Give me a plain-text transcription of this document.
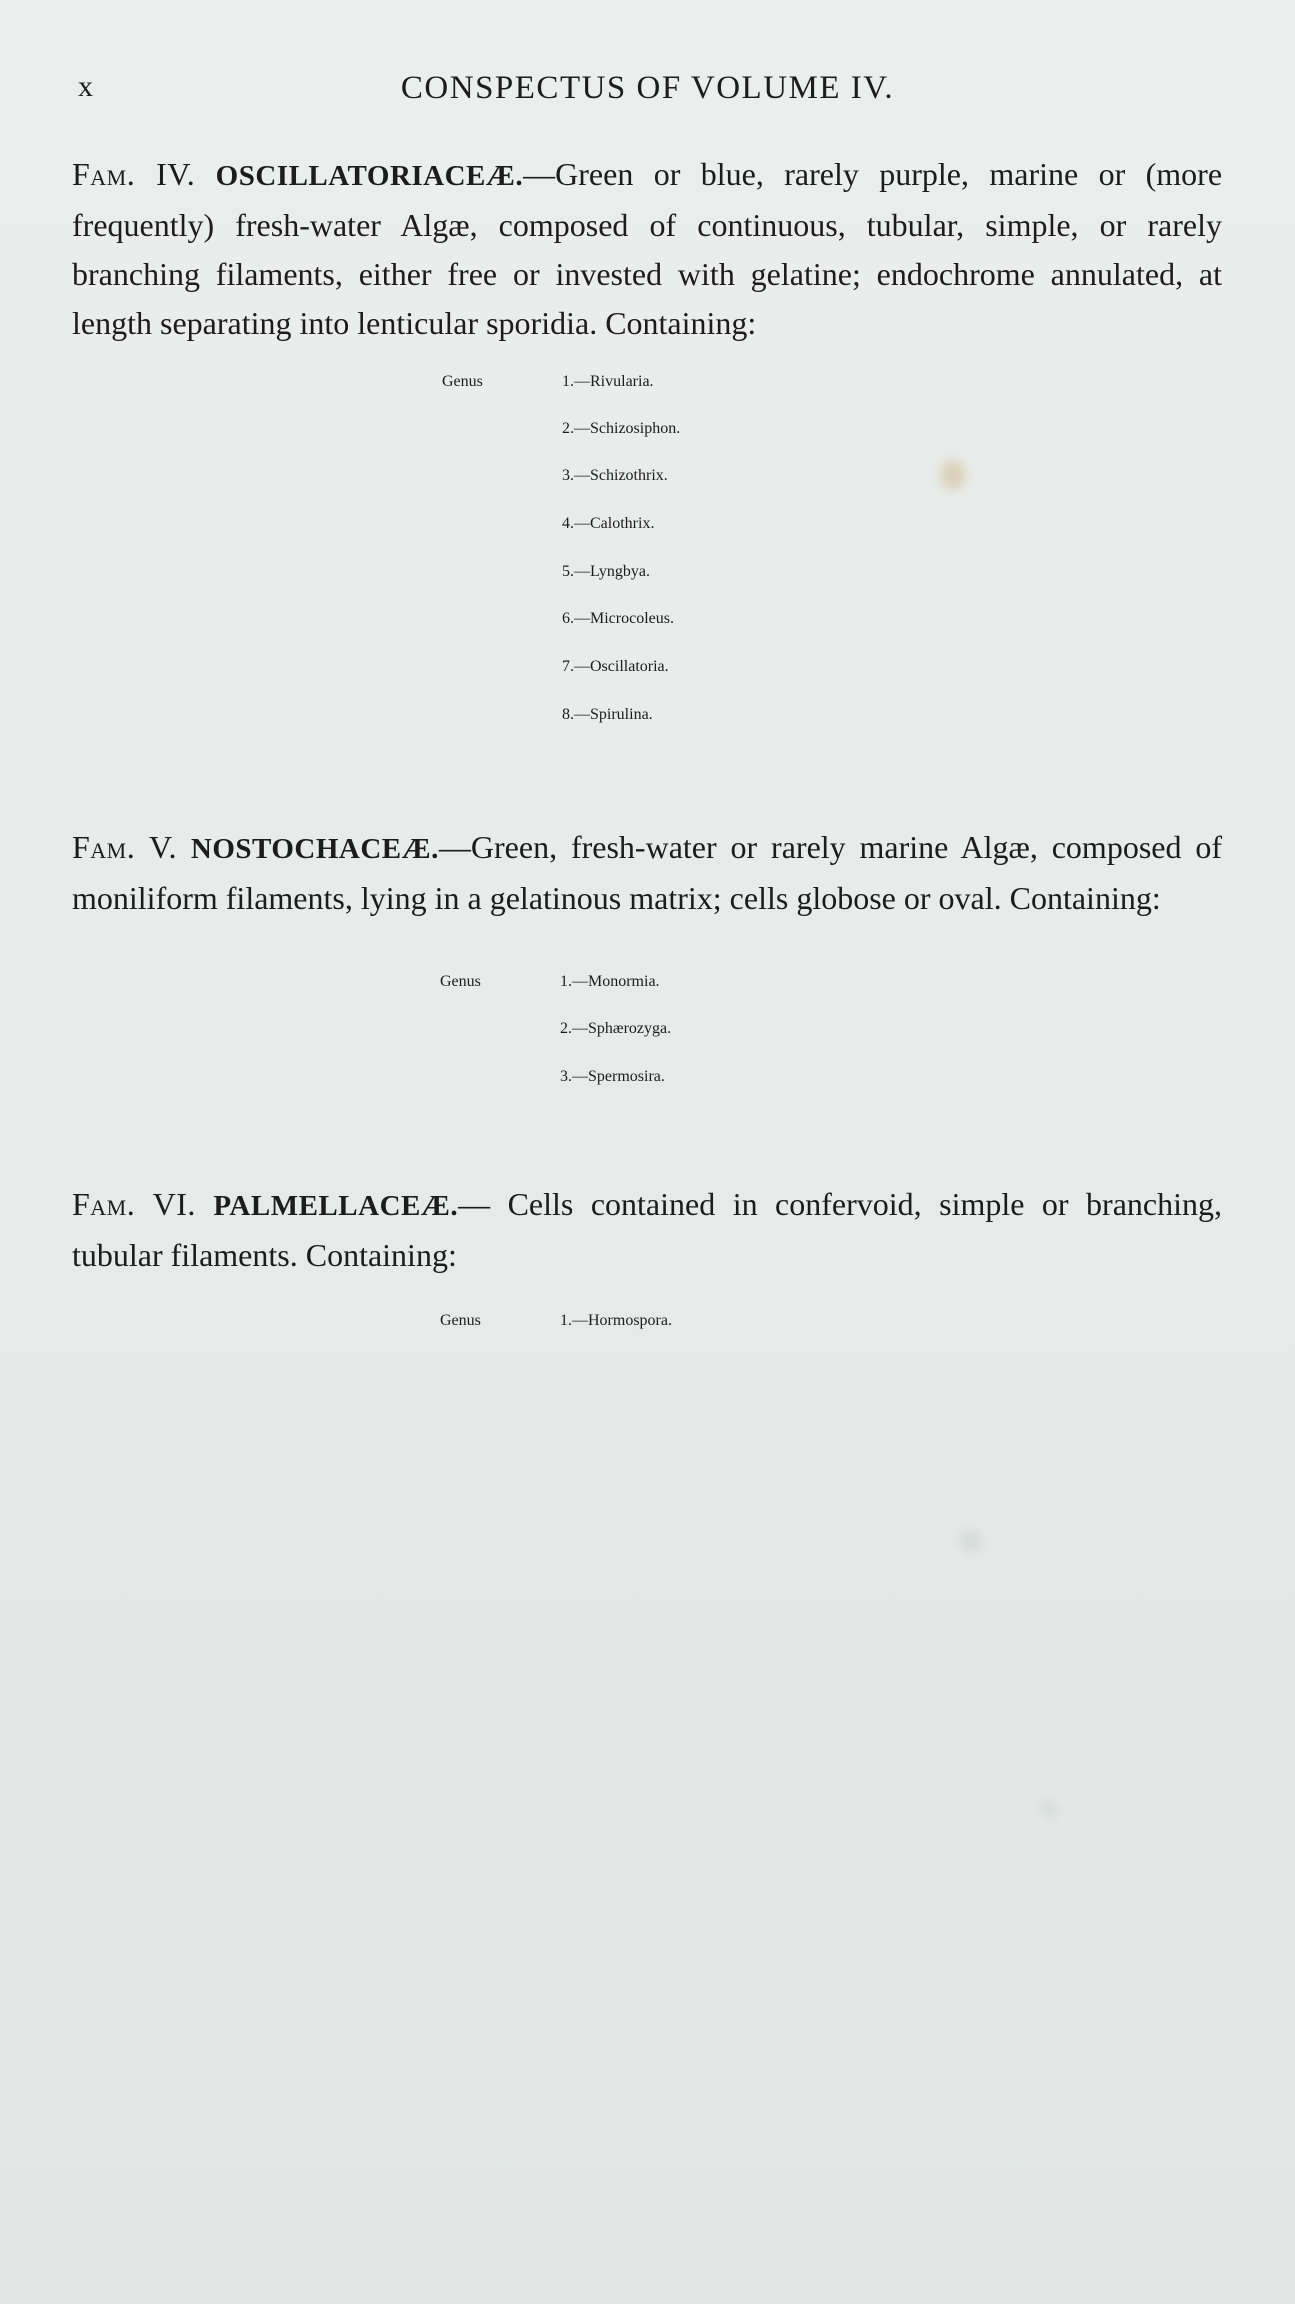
x	CONSPECTUS OF VOLUME IV.
Fam. IV. OSCILLATORIACEÆ.—Green or blue, rarely purple, marine or (more frequently) fresh-water Algæ, composed of continuous, tubular, simple, or rarely branching filaments, either free or invested with gelatine; endochrome annulated, at length separating into lenticular sporidia. Containing:
Genus	1.—Rivularia.
2.—Schizosiphon.
3.—Schizothrix.
4.—Calothrix.
5.—Lyngbya.
6.—Microcoleus.
7.—Oscillatoria.
8.—Spirulina.
Fam. V. NOSTOCHACEÆ.—Green, fresh-water or rarely marine Algæ, composed of moniliform filaments, lying in a gelatinous matrix; cells globose or oval. Containing:
Genus	1.—Monormia.
2.—Sphærozyga.
3.—Spermosira.
Fam. VI. PALMELLACEÆ.— Cells contained in confervoid, simple or branching, tubular filaments. Containing:
Genus	1.—Hormospora.
